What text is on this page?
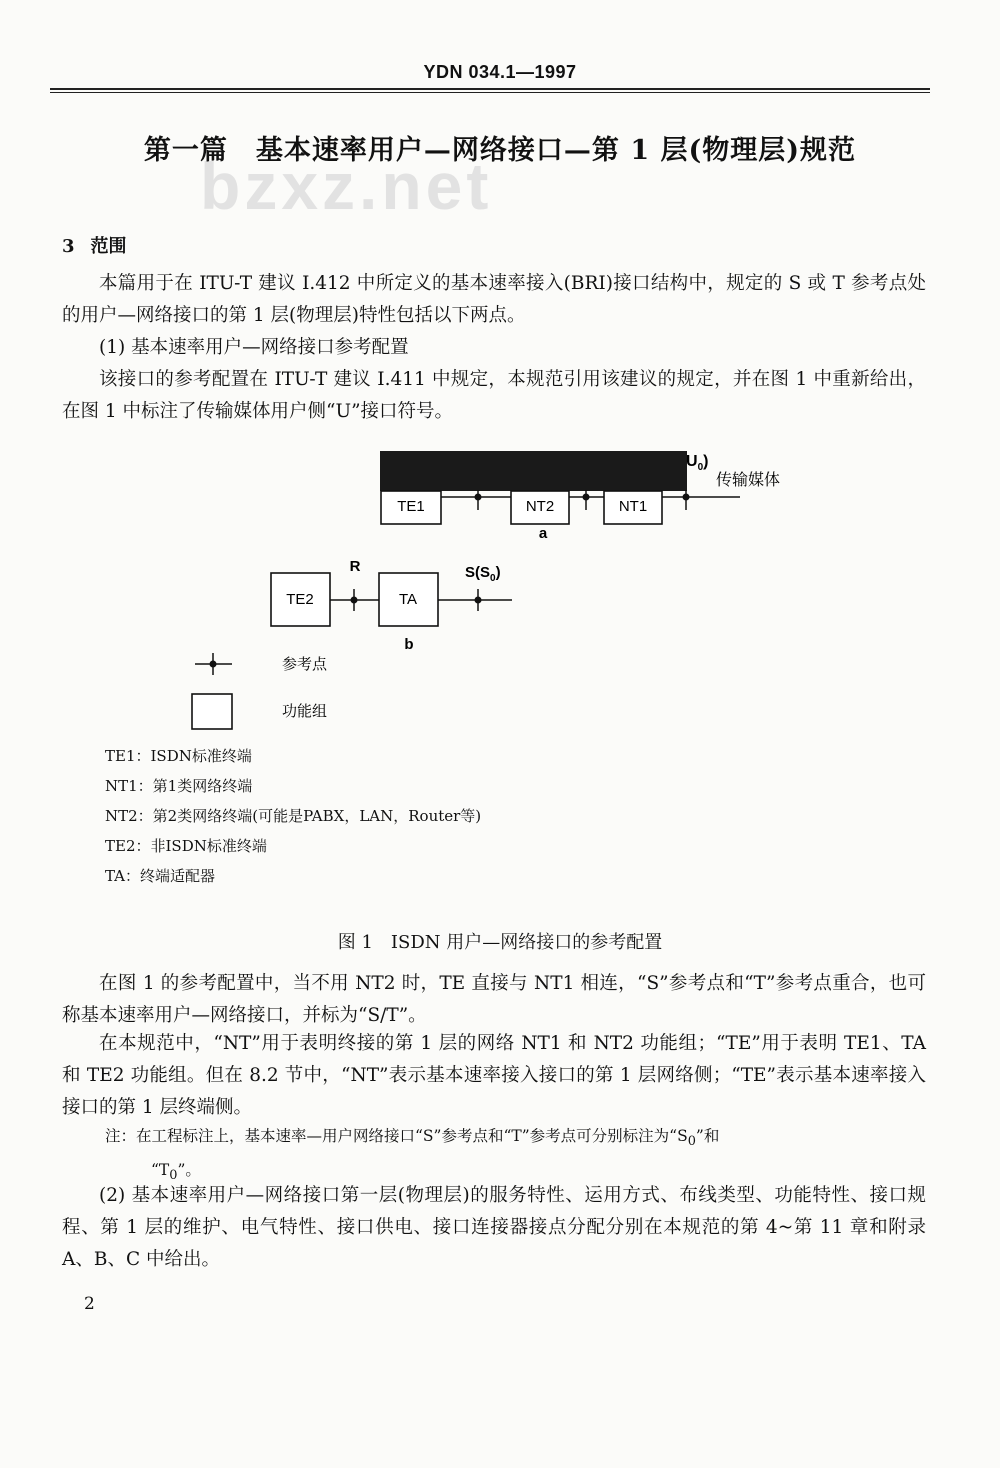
YDN 034.1—1997
bzxz.net
第一篇　基本速率用户—网络接口—第 1 层(物理层)规范
3 范围
本篇用于在 ITU-T 建议 I.412 中所定义的基本速率接入(BRI)接口结构中，规定的 S 或 T 参考点处的用户—网络接口的第 1 层(物理层)特性包括以下两点。
(1) 基本速率用户—网络接口参考配置
该接口的参考配置在 ITU-T 建议 I.411 中规定，本规范引用该建议的规定，并在图 1 中重新给出，在图 1 中标注了传输媒体用户侧“U”接口符号。
$U_0$)
传输媒体
TE1	NT2	NT1
a
TE2	TA
R	$S(S_0)$
b
参考点
功能组
TE1：ISDN标准终端
NT1：第1类网络终端
NT2：第2类网络终端(可能是PABX，LAN，Router等)
TE2：非ISDN标准终端
TA：终端适配器
图 1　ISDN 用户—网络接口的参考配置
在图 1 的参考配置中，当不用 NT2 时，TE 直接与 NT1 相连，“S”参考点和“T”参考点重合，也可称基本速率用户—网络接口，并标为“S/T”。
在本规范中，“NT”用于表明终接的第 1 层的网络 NT1 和 NT2 功能组；“TE”用于表明 TE1、TA 和 TE2 功能组。但在 8.2 节中，“NT”表示基本速率接入接口的第 1 层网络侧；“TE”表示基本速率接入接口的第 1 层终端侧。
注：在工程标注上，基本速率—用户网络接口“S”参考点和“T”参考点可分别标注为“$S_0$”和
“$T_0$”。
(2) 基本速率用户—网络接口第一层(物理层)的服务特性、运用方式、布线类型、功能特性、接口规程、第 1 层的维护、电气特性、接口供电、接口连接器接点分配分别在本规范的第 4~第 11 章和附录 A、B、C 中给出。
2
